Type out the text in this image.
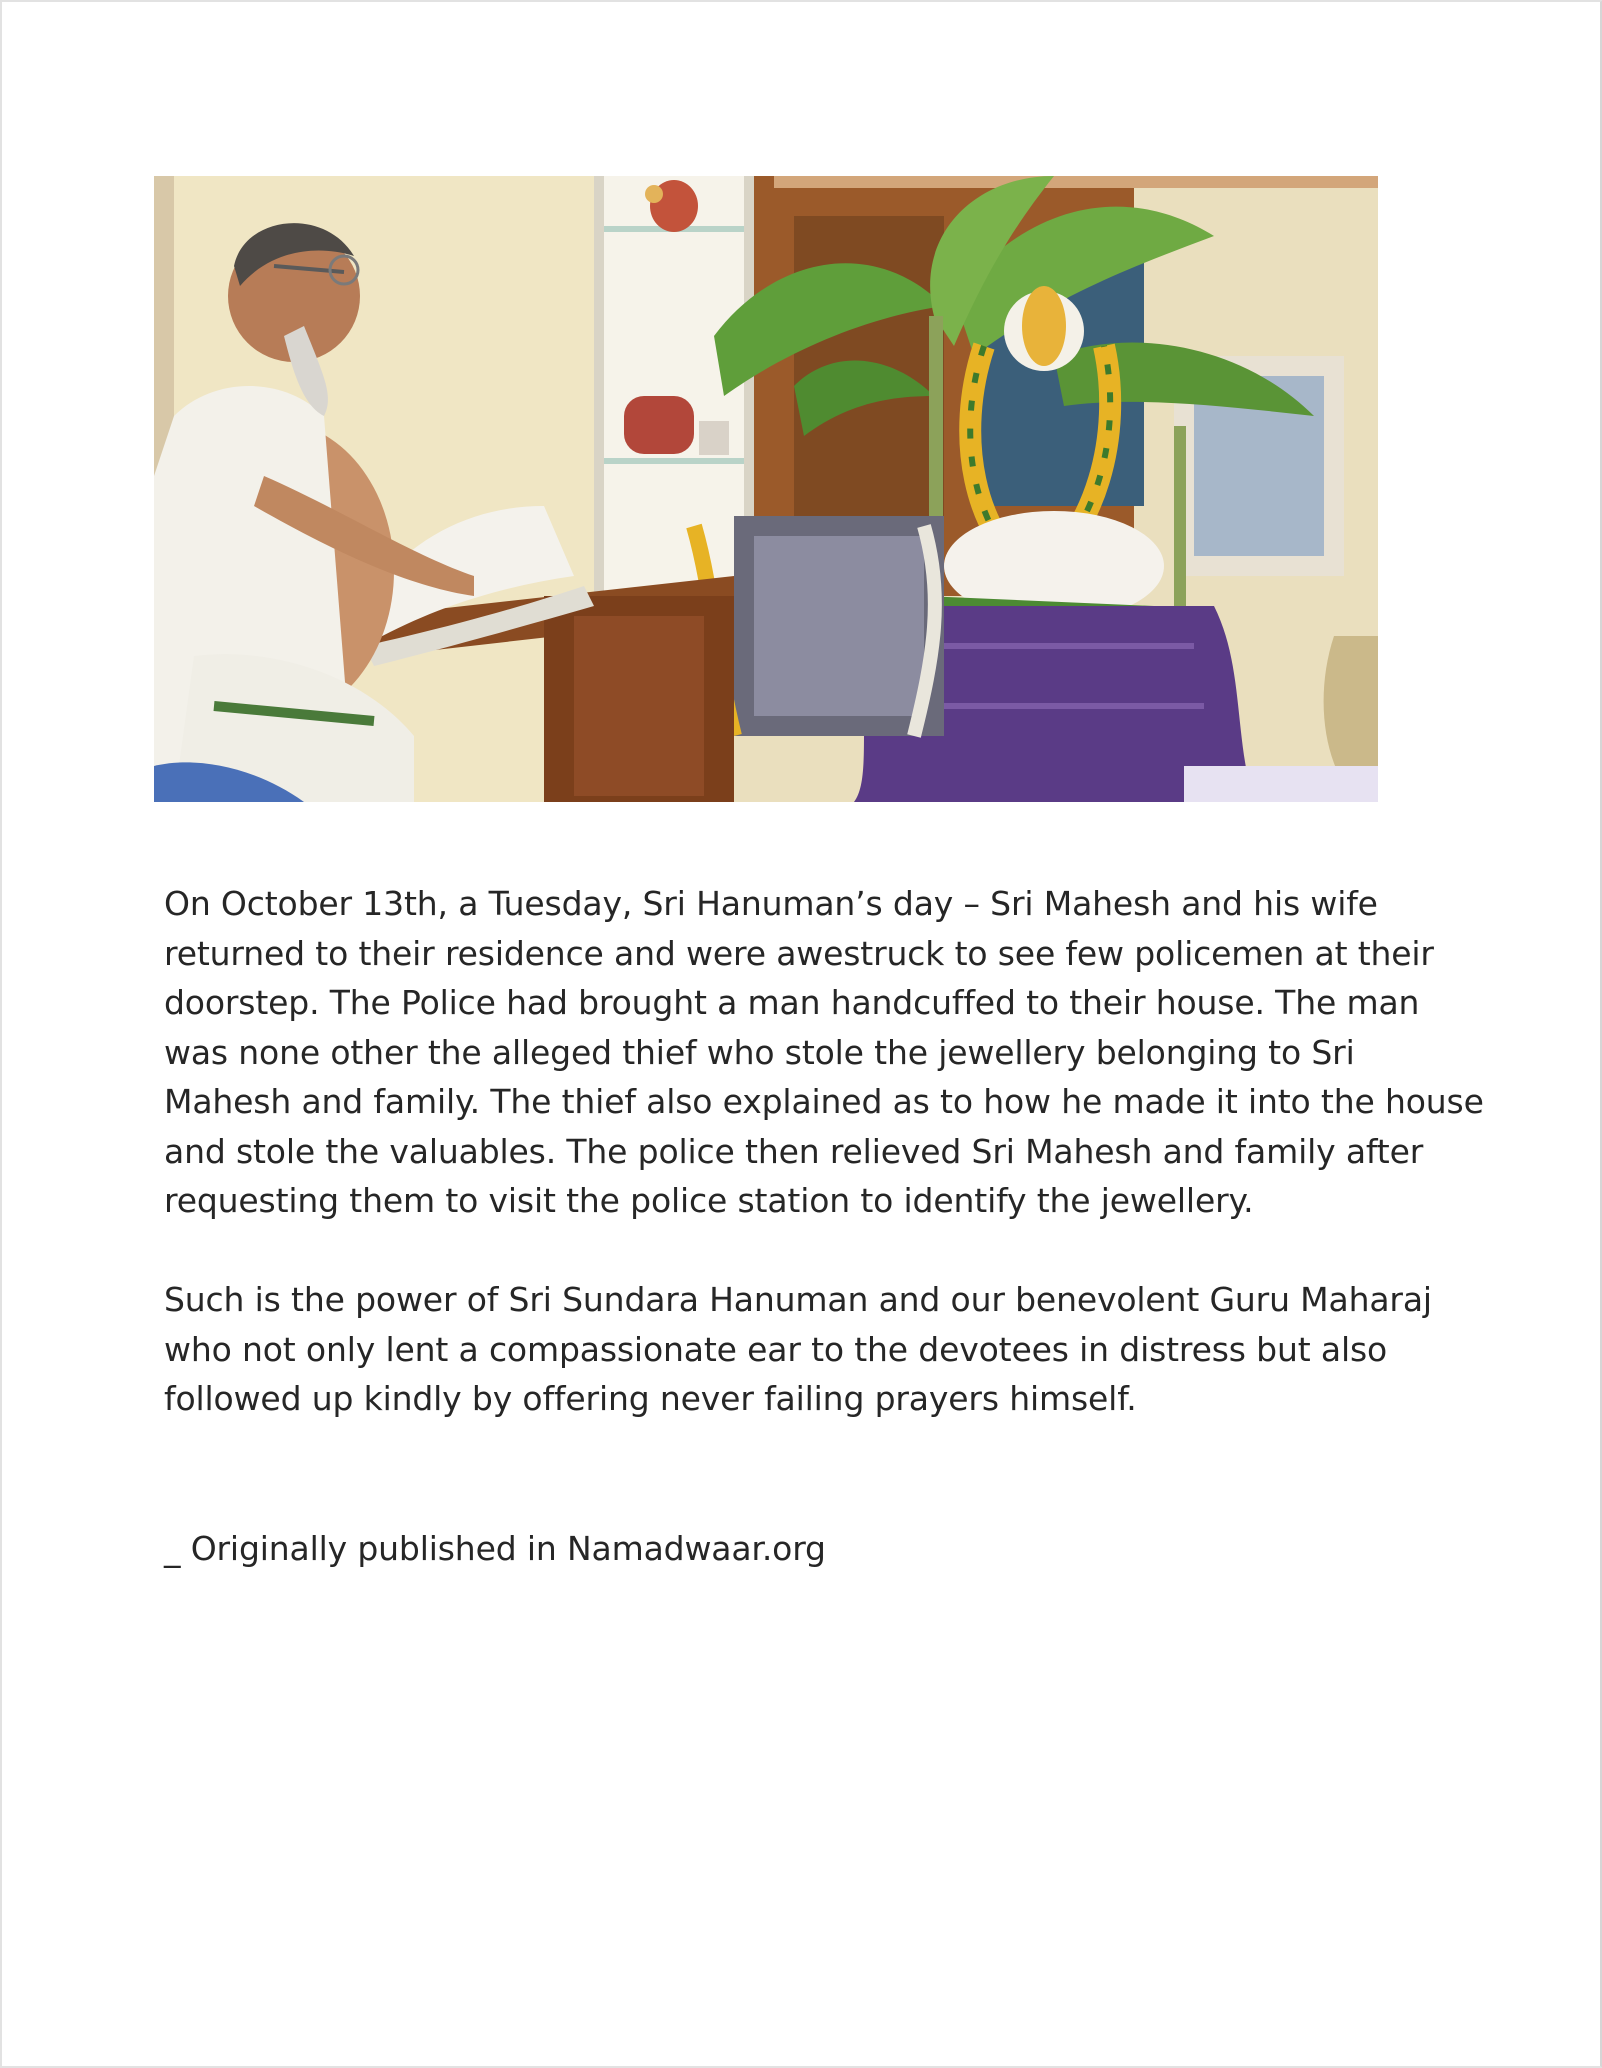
On October 13th, a Tuesday, Sri Hanuman’s day – Sri Mahesh and his wife
returned to their residence and were awestruck to see few policemen at their
doorstep. The Police had brought a man handcuffed to their house. The man
was none other the alleged thief who stole the jewellery belonging to Sri
Mahesh and family. The thief also explained as to how he made it into the house
and stole the valuables. The police then relieved Sri Mahesh and family after
requesting them to visit the police station to identify the jewellery.
Such is the power of Sri Sundara Hanuman and our benevolent Guru Maharaj
who not only lent a compassionate ear to the devotees in distress but also
followed up kindly by offering never failing prayers himself.
_ Originally published in Namadwaar.org
